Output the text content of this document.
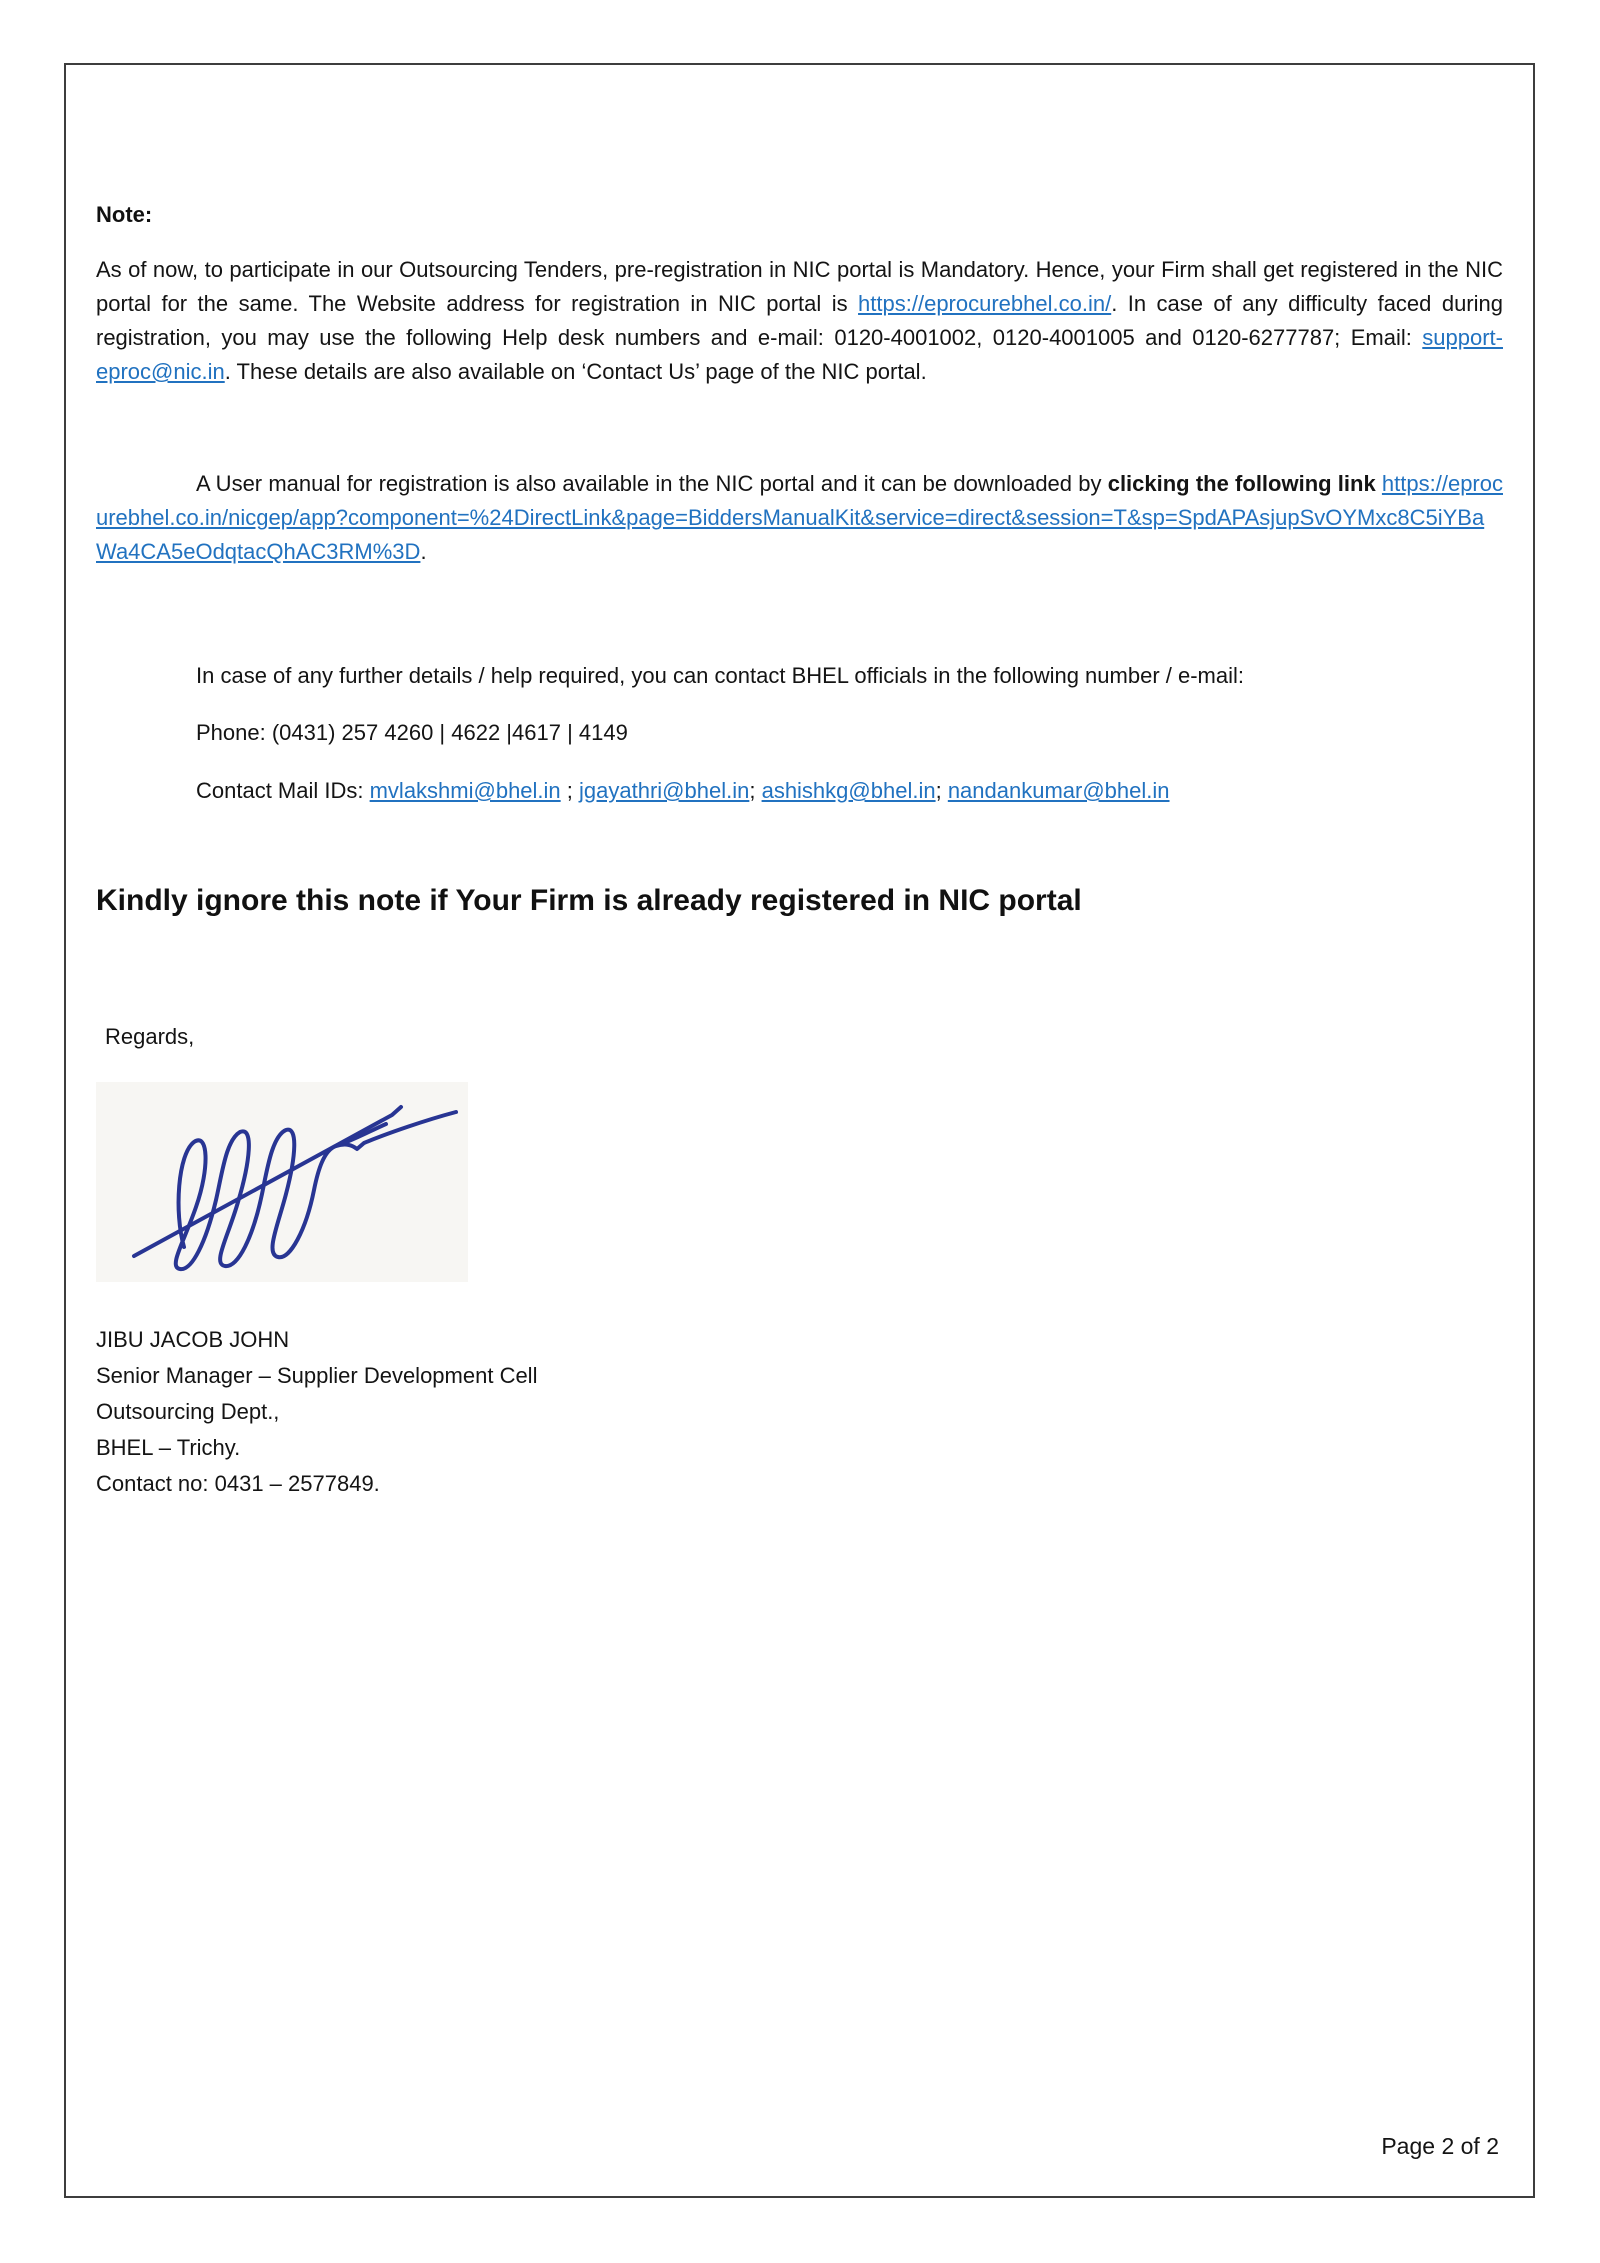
Note:

As of now, to participate in our Outsourcing Tenders, pre-registration in NIC portal is Mandatory. Hence, your Firm shall get registered in the NIC portal for the same. The Website address for registration in NIC portal is https://eprocurebhel.co.in/. In case of any difficulty faced during registration, you may use the following Help desk numbers and e-mail: 0120-4001002, 0120-4001005 and 0120-6277787; Email: support-eproc@nic.in. These details are also available on ‘Contact Us’ page of the NIC portal.

A User manual for registration is also available in the NIC portal and it can be downloaded by clicking the following link https://eprocurebhel.co.in/nicgep/app?component=%24DirectLink&page=BiddersManualKit&service=direct&session=T&sp=SpdAPAsjupSvOYMxc8C5iYBaWa4CA5eOdqtacQhAC3RM%3D.

In case of any further details / help required, you can contact BHEL officials in the following number / e-mail:

Phone: (0431) 257 4260 | 4622 |4617 | 4149

Contact Mail IDs: mvlakshmi@bhel.in ; jgayathri@bhel.in; ashishkg@bhel.in; nandankumar@bhel.in

Kindly ignore this note if Your Firm is already registered in NIC portal

Regards,

JIBU JACOB JOHN
Senior Manager – Supplier Development Cell
Outsourcing Dept.,
BHEL – Trichy.
Contact no: 0431 – 2577849.
Page 2 of 2
